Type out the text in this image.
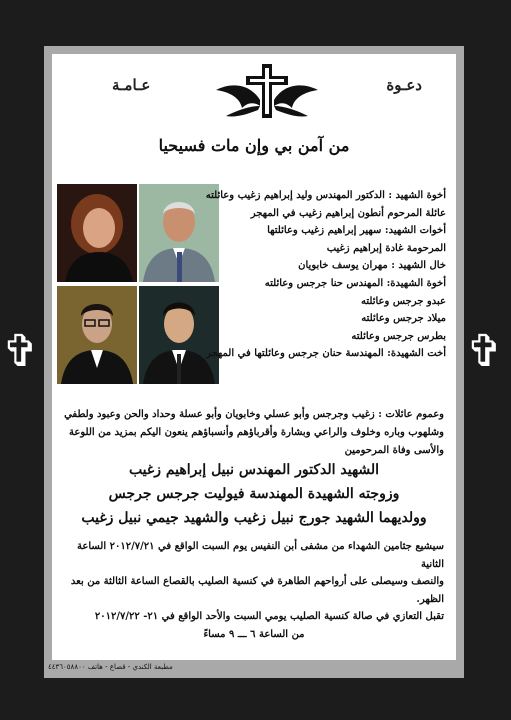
✞	✞
دعـوة
عـامـة
من آمن بي وإن مات فسيحيا
أخوة الشهيد : الدكتور المهندس وليد إبراهيم زغيب وعائلته
عائلة المرحوم أنطون إبراهيم زغيب في المهجر
أخوات الشهيد: سهير إبراهيم زغيب وعائلتها
المرحومة غادة إبراهيم زغيب
خال الشهيد : مهران يوسف خابويان
أخوة الشهيدة: المهندس حنا جرجس وعائلته
عبدو جرجس وعائلته
ميلاد جرجس وعائلته
بطرس جرجس وعائلته
أخت الشهيدة: المهندسة حنان جرجس وعائلتها في المهجر
وعموم عائلات : زغيب وجرجس وأبو عسلي وخابويان وأبو عسلة وحداد والحن وعبود ولطفي وشلهوب وباره وخلوف والراعي وبشارة وأقرباؤهم وأنسباؤهم ينعون اليكم بمزيد من اللوعة والأسى وفاة المرحومين
الشهيد الدكتور المهندس نبيل إبراهيم زغيب
وزوجته الشهيدة المهندسة فيوليت جرجس جرجس
وولديهما الشهيد جورج نبيل زغيب والشهيد جيمي نبيل زغيب
سيشيع جثامين الشهداء من مشفى أبن النفيس يوم السبت الواقع في ٢٠١٢/٧/٢١ الساعة الثانية
والنصف وسيصلى على أرواحهم الطاهرة في كنسية الصليب بالقصاع الساعة الثالثة من بعد الظهر.
تقبل التعازي في صالة كنسية الصليب يومي السبت والأحد الواقع في ٢١- ٢٠١٢/٧/٢٢
من الساعة ٦ ـــ ٩ مساءً
مطبعة الكندي - قصاع - هاتف ٤٤٣٦٠٥٨٨٠٠
